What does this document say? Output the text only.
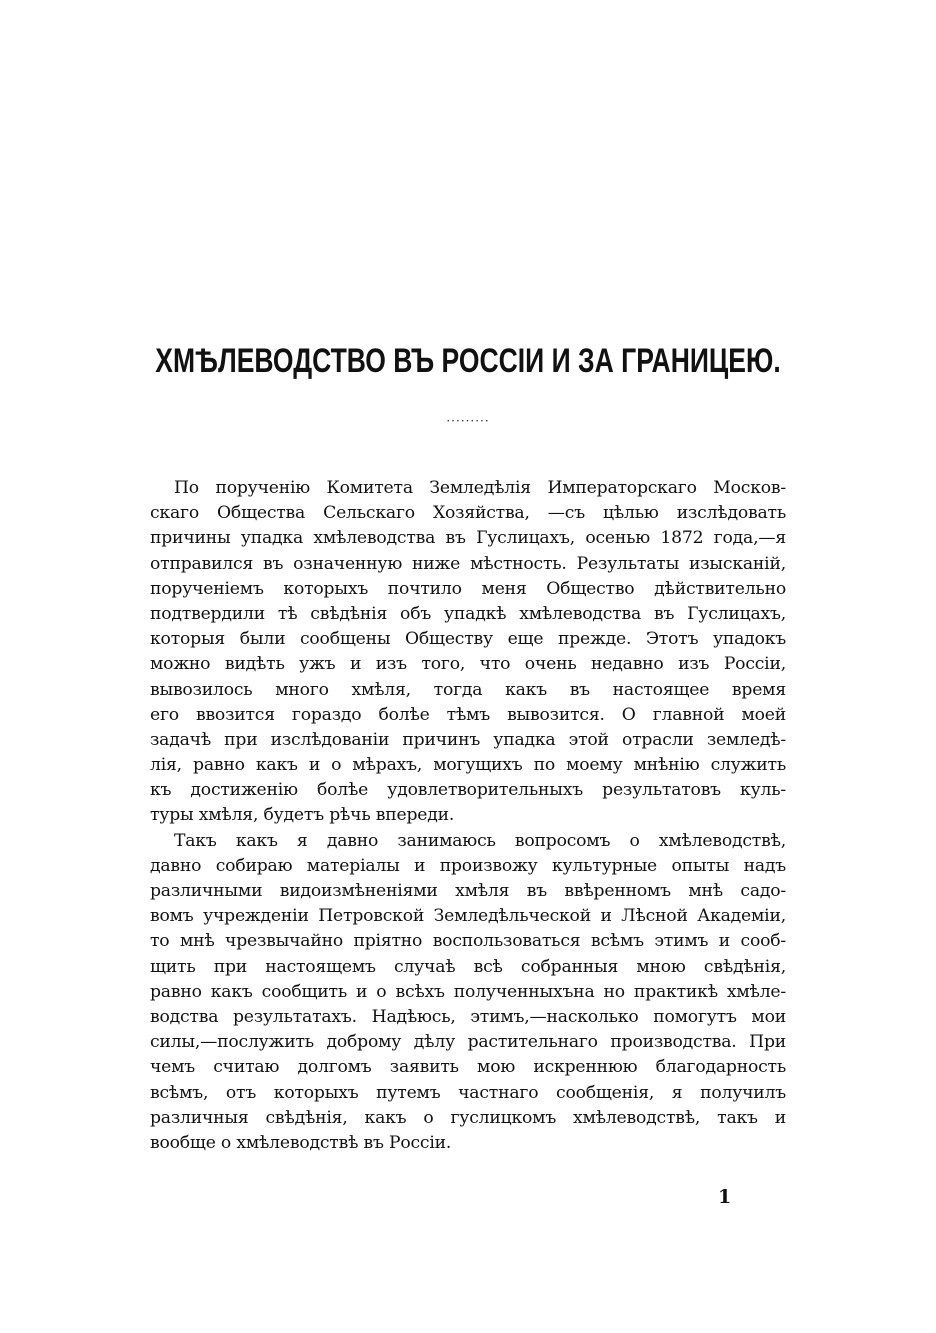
ХМѢЛЕВОДСТВО ВЪ РОССІИ И ЗА ГРАНИЦЕЮ.
·········
По порученію Комитета Земледѣлія Императорскаго Москов-
скаго Общества Сельскаго Хозяйства, —съ цѣлью изслѣдовать
причины упадка хмѣлеводства въ Гуслицахъ, осенью 1872 года,—я
отправился въ означенную ниже мѣстность. Результаты изысканій,
порученіемъ которыхъ почтило меня Общество дѣйствительно
подтвердили тѣ свѣдѣнія объ упадкѣ хмѣлеводства въ Гуслицахъ,
которыя были сообщены Обществу еще прежде. Этотъ упадокъ
можно видѣть ужъ и изъ того, что очень недавно изъ Россіи,
вывозилось много хмѣля, тогда какъ въ настоящее время
его ввозится гораздо болѣе тѣмъ вывозится. О главной моей
задачѣ при изслѣдованіи причинъ упадка этой отрасли земледѣ-
лія, равно какъ и о мѣрахъ, могущихъ по моему мнѣнію служить
къ достиженію болѣе удовлетворительныхъ результатовъ куль-
туры хмѣля, будетъ рѣчь впереди.
Такъ какъ я давно занимаюсь вопросомъ о хмѣлеводствѣ,
давно собираю матеріалы и произвожу культурные опыты надъ
различными видоизмѣненіями хмѣля въ ввѣренномъ мнѣ садо-
вомъ учрежденіи Петровской Земледѣльческой и Лѣсной Академіи,
то мнѣ чрезвычайно пріятно воспользоваться всѣмъ этимъ и сооб-
щить при настоящемъ случаѣ всѣ собранныя мною свѣдѣнія,
равно какъ сообщить и о всѣхъ полученныхъна но практикѣ хмѣле-
водства результатахъ. Надѣюсь, этимъ,—насколько помогутъ мои
силы,—послужить доброму дѣлу растительнаго производства. При
чемъ считаю долгомъ заявить мою искреннюю благодарность
всѣмъ, отъ которыхъ путемъ частнаго сообщенія, я получилъ
различныя свѣдѣнія, какъ о гуслицкомъ хмѣлеводствѣ, такъ и
вообще о хмѣлеводствѣ въ Россіи.
1
